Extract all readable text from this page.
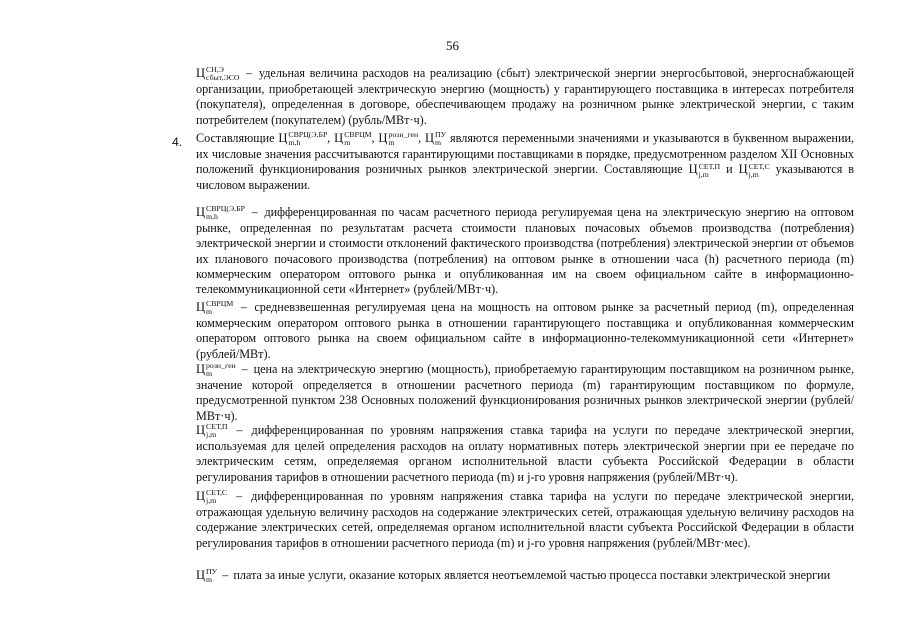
56

Ц СН,Э
сбыт,ЭСО – удельная величина расходов на реализацию (сбыт) электрической энергии энергосбытовой, энергоснабжающей организации, приобретающей электрическую энергию (мощность) у гарантирующего поставщика в интересах потребителя (покупателя), определенная в договоре, обеспечивающем продажу на розничном рынке электрической энергии, с таким потребителем (покупателем) (рубль/МВт·ч).

4. Составляющие Ц СВРЦ(Э,БР
m,h	, Ц СВРЦМ
m	, Ц розн_ген
m	, Ц ПУ
m являются переменными значениями и указываются в буквенном выражении, их числовые значения рассчитываются гарантирующими поставщиками в порядке, предусмотренном разделом XII Основных положений функционирования розничных рынков электрической энергии. Составляющие Ц СЕТ,П
j,m	и Ц СЕТ,С
j,m	указываются в числовом выражении.

Ц СВРЦ(Э,БР
m,h	– дифференцированная по часам расчетного периода регулируемая цена на электрическую энергию на оптовом рынке, определенная по результатам расчета стоимости плановых почасовых объемов производства (потребления) электрической энергии и стоимости отклонений фактического производства (потребления) электрической энергии от объемов их планового почасового производства (потребления) на оптовом рынке в отношении часа (h) расчетного периода (m) коммерческим оператором оптового рынка и опубликованная им на своем официальном сайте в информационно-телекоммуникационной сети «Интернет» (рублей/МВт·ч).

Ц СВРЦМ
m	– средневзвешенная регулируемая цена на мощность на оптовом рынке за расчетный период (m), определенная коммерческим оператором оптового рынка в отношении гарантирующего поставщика и опубликованная коммерческим оператором оптового рынка на своем официальном сайте в информационно-телекоммуникационной сети «Интернет» (рублей/МВт).

Ц розн_ген
m	– цена на электрическую энергию (мощность), приобретаемую гарантирующим поставщиком на розничном рынке, значение которой определяется в отношении расчетного периода (m) гарантирующим поставщиком по формуле, предусмотренной пунктом 238 Основных положений функционирования розничных рынков электрической энергии (рублей/МВт·ч).

Ц СЕТ,П
j,m	– дифференцированная по уровням напряжения ставка тарифа на услуги по передаче электрической энергии, используемая для целей определения расходов на оплату нормативных потерь электрической энергии при ее передаче по электрическим сетям, определяемая органом исполнительной власти субъекта Российской Федерации в области регулирования тарифов в отношении расчетного периода (m) и j-го уровня напряжения (рублей/МВт·ч).

Ц СЕТ,С
j,m	– дифференцированная по уровням напряжения ставка тарифа на услуги по передаче электрической энергии, отражающая удельную величину расходов на содержание электрических сетей, отражающая удельную величину расходов на содержание электрических сетей, определяемая органом исполнительной власти субъекта Российской Федерации в области регулирования тарифов в отношении расчетного периода (m) и j-го уровня напряжения (рублей/МВт·мес).

Ц ПУ
m – плата за иные услуги, оказание которых является неотъемлемой частью процесса поставки электрической энергии
